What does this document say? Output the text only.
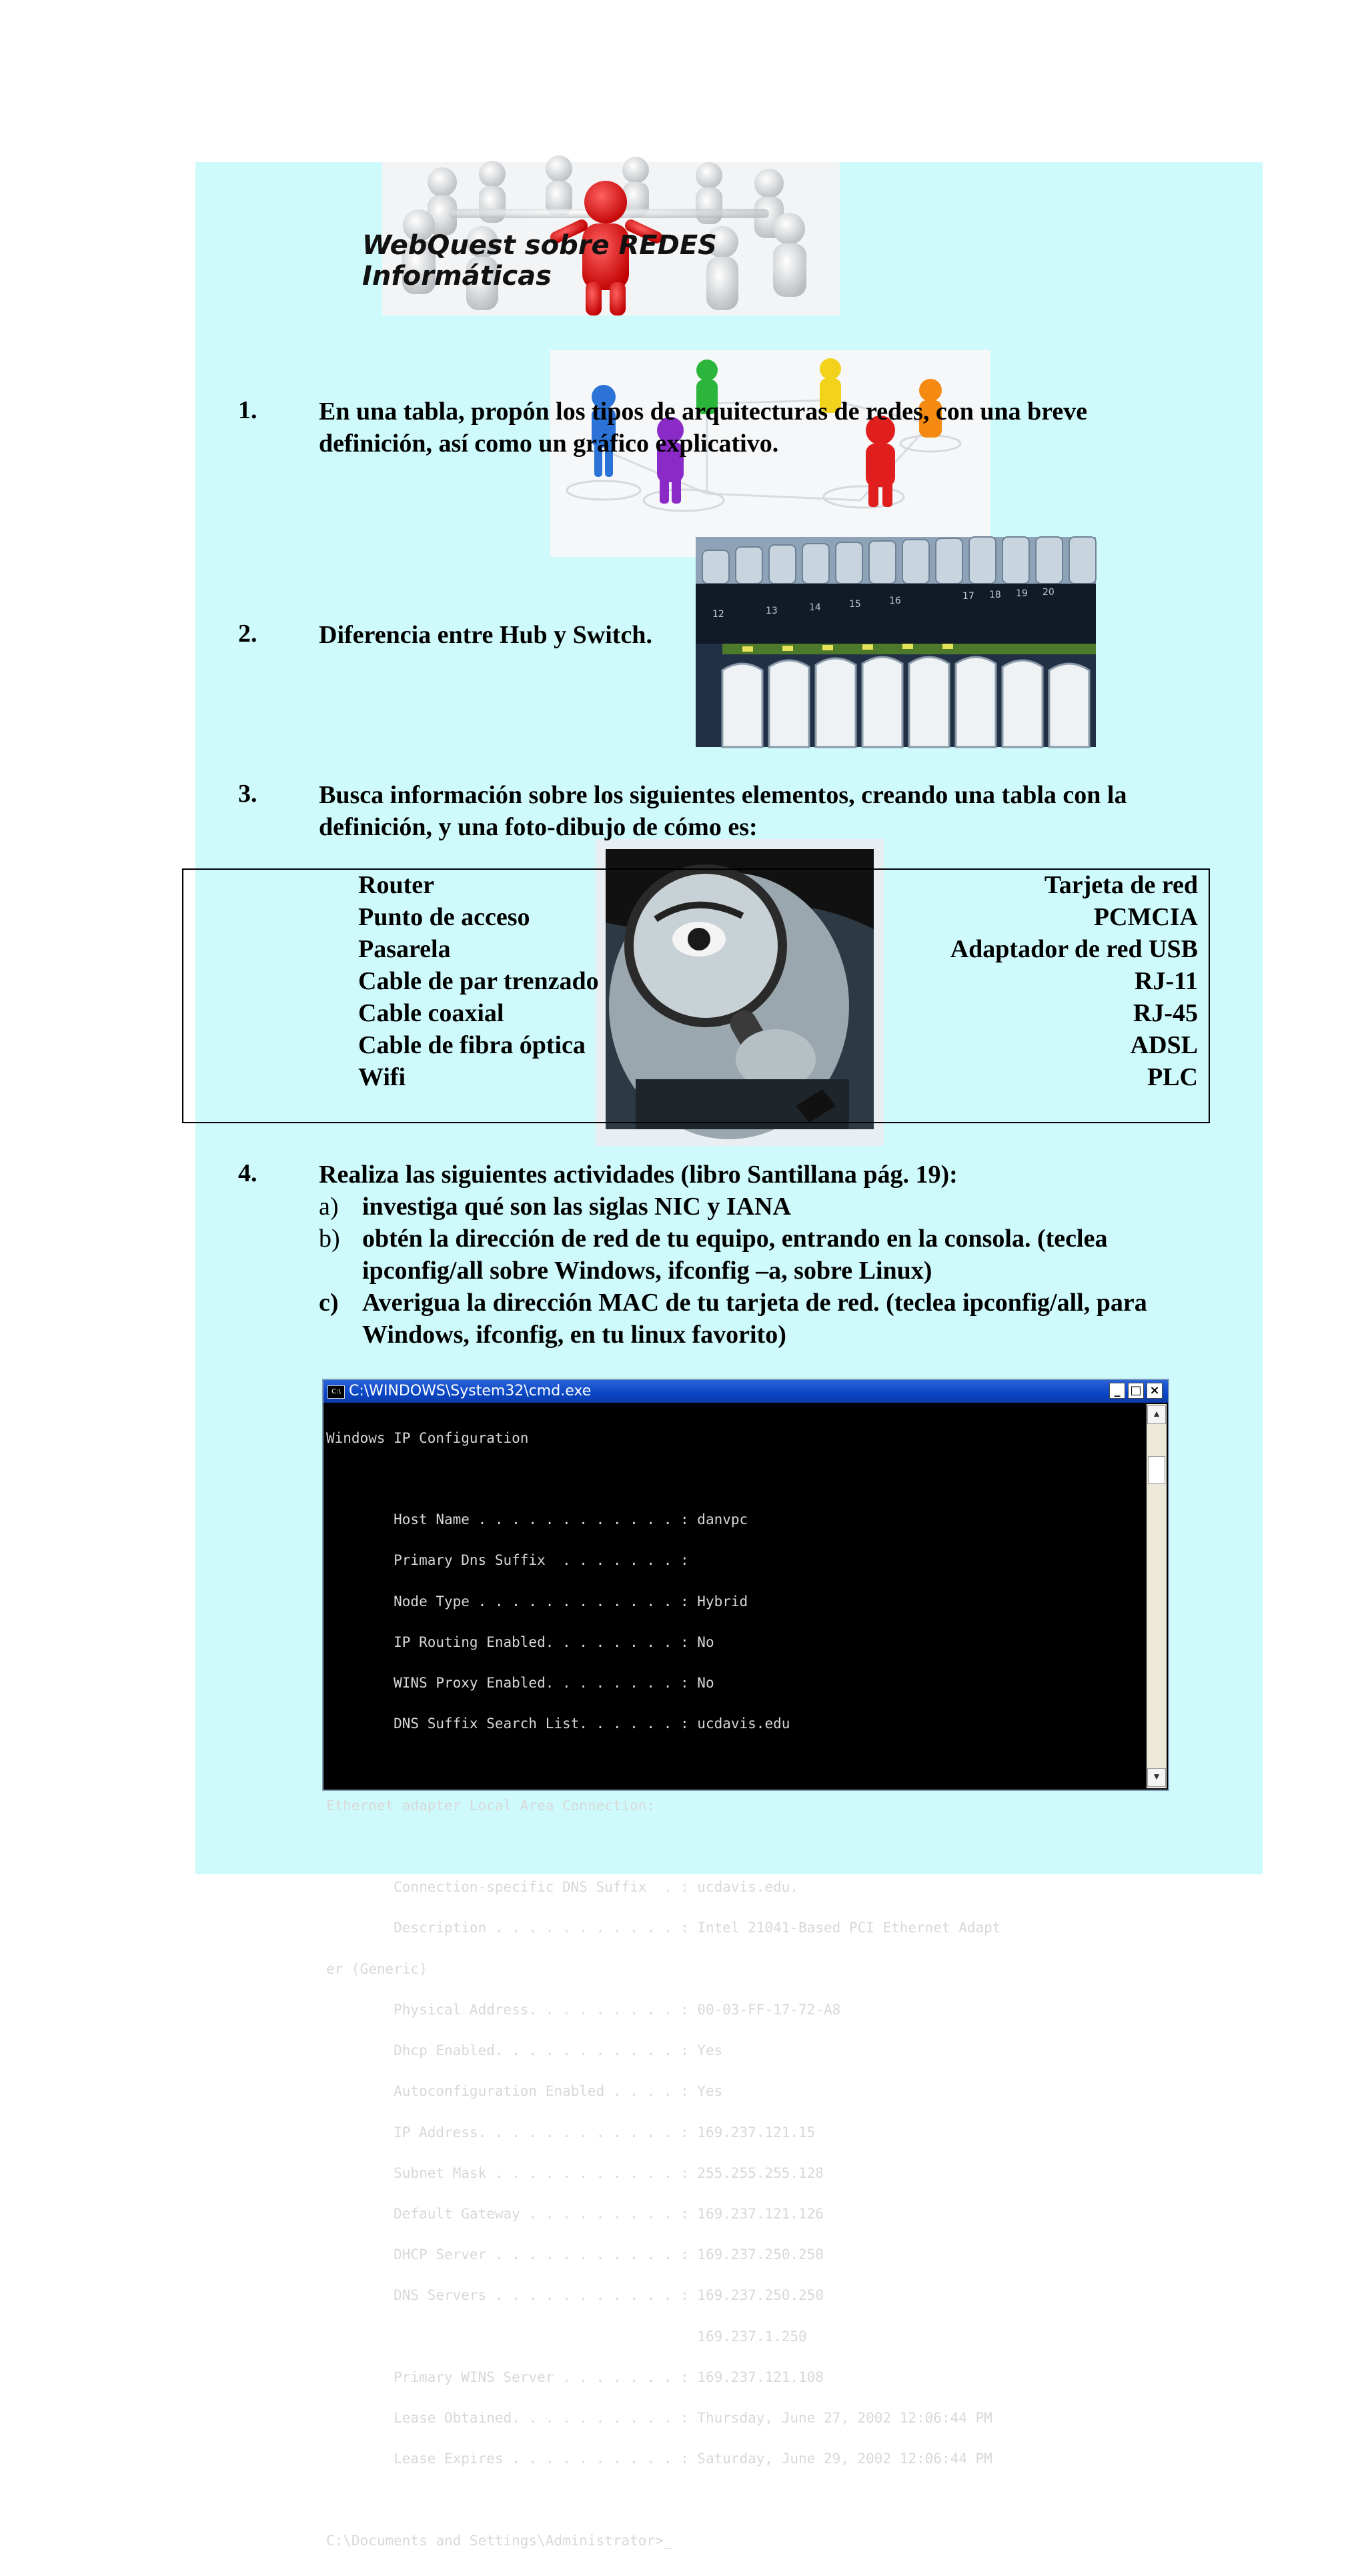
WebQuest sobre REDES Informáticas
12	13	14	15	16	17 18 19 20
1. En una tabla, propón los tipos de arquitecturas de redes, con una breve
definición, así como un gráfico explicativo.
2. Diferencia entre Hub y Switch.
3. Busca información sobre los siguientes elementos, creando una tabla con la
definición, y una foto-dibujo de cómo es:
Router
Punto de acceso
Pasarela
Cable de par trenzado
Cable coaxial
Cable de fibra óptica
Wifi
Tarjeta de red
PCMCIA
Adaptador de red USB
RJ-11
RJ-45
ADSL
PLC
4. Realiza las siguientes actividades (libro Santillana pág. 19):
a) investiga qué son las siglas NIC y IANA
b) obtén la dirección de red de tu equipo, entrando en la consola. (teclea
ipconfig/all sobre Windows, ifconfig –a, sobre Linux)
c) Averigua la dirección MAC de tu tarjeta de red. (teclea ipconfig/all, para
Windows, ifconfig, en tu linux favorito)
C:\ C:\WINDOWS\System32\cmd.exe	_ □ ×

Windows IP Configuration

Host Name . . . . . . . . . . . . : danvpc

Primary Dns Suffix  . . . . . . . :

Node Type . . . . . . . . . . . . : Hybrid

IP Routing Enabled. . . . . . . . : No

WINS Proxy Enabled. . . . . . . . : No

DNS Suffix Search List. . . . . . : ucdavis.edu

Ethernet adapter Local Area Connection:

Connection-specific DNS Suffix  . : ucdavis.edu.

Description . . . . . . . . . . . : Intel 21041-Based PCI Ethernet Adapt

er (Generic)

Physical Address. . . . . . . . . : 00-03-FF-17-72-A8

Dhcp Enabled. . . . . . . . . . . : Yes

Autoconfiguration Enabled . . . . : Yes

IP Address. . . . . . . . . . . . : 169.237.121.15

Subnet Mask . . . . . . . . . . . : 255.255.255.128

Default Gateway . . . . . . . . . : 169.237.121.126

DHCP Server . . . . . . . . . . . : 169.237.250.250

DNS Servers . . . . . . . . . . . : 169.237.250.250

169.237.1.250

Primary WINS Server . . . . . . . : 169.237.121.108

Lease Obtained. . . . . . . . . . : Thursday, June 27, 2002 12:06:44 PM

Lease Expires . . . . . . . . . . : Saturday, June 29, 2002 12:06:44 PM

C:\Documents and Settings\Administrator>_

▲
▼
